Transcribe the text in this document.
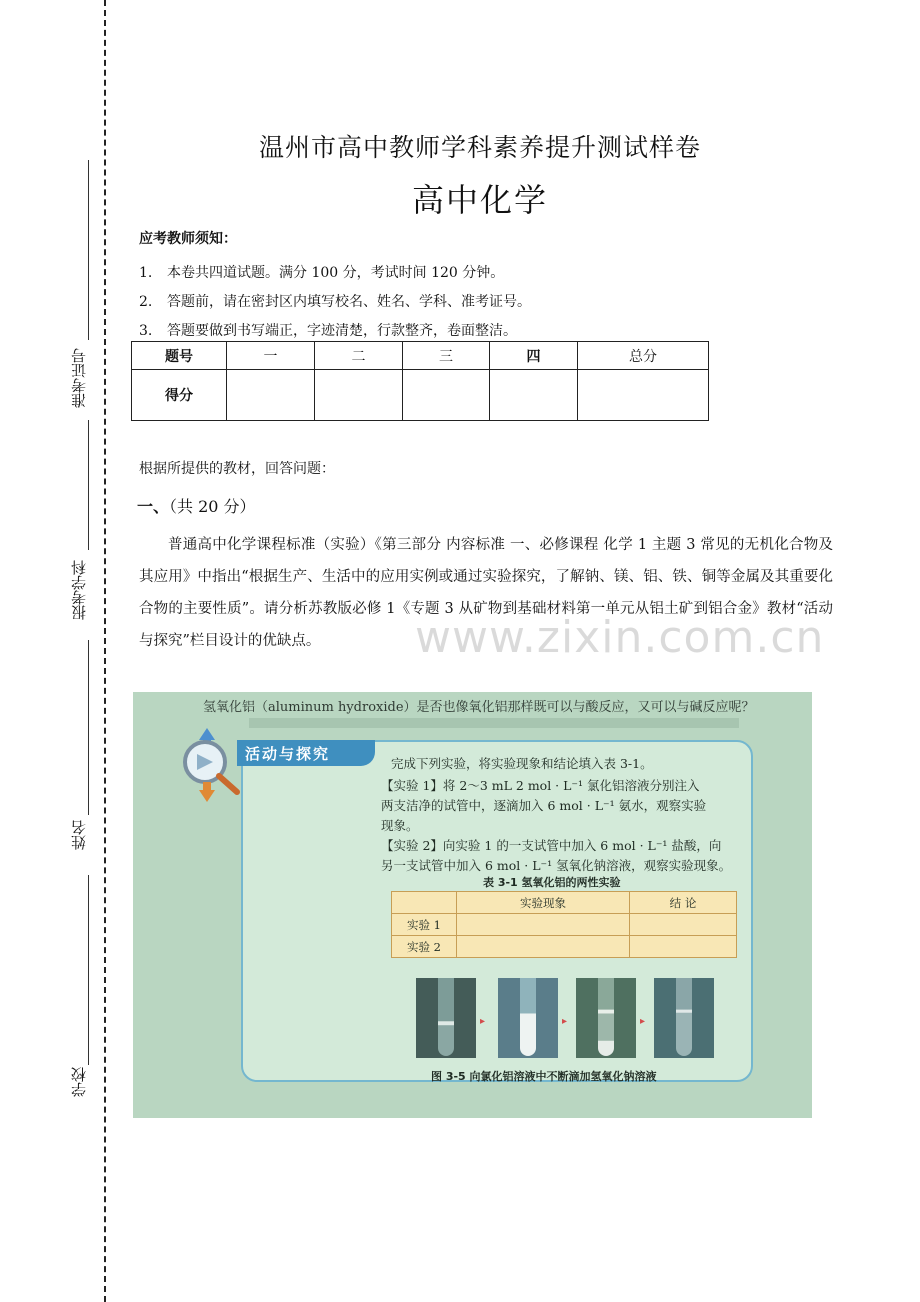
准考证号
报考学科
姓名
学校
温州市高中教师学科素养提升测试样卷
高中化学
应考教师须知：
1. 本卷共四道试题。满分 100 分，考试时间 120 分钟。
2. 答题前，请在密封区内填写校名、姓名、学科、准考证号。
3. 答题要做到书写端正，字迹清楚，行款整齐，卷面整洁。
题号	一	二	三	四	总分
得分					
根据所提供的教材，回答问题：
一、（共 20 分）
普通高中化学课程标准（实验）《第三部分 内容标准 一、必修课程 化学 1 主题 3 常见的无机化合物及其应用》中指出“根据生产、生活中的应用实例或通过实验探究，了解钠、镁、铝、铁、铜等金属及其重要化合物的主要性质”。请分析苏教版必修 1《专题 3 从矿物到基础材料第一单元从铝土矿到铝合金》教材“活动与探究”栏目设计的优缺点。	www.zixin.com.cn
氢氧化铝（aluminum hydroxide）是否也像氧化铝那样既可以与酸反应，又可以与碱反应呢？
活动与探究
完成下列实验，将实验现象和结论填入表 3-1。
【实验 1】将 2～3 mL 2 mol · L⁻¹ 氯化铝溶液分别注入
两支洁净的试管中，逐滴加入 6 mol · L⁻¹ 氨水，观察实验
现象。
【实验 2】向实验 1 的一支试管中加入 6 mol · L⁻¹ 盐酸，向
另一支试管中加入 6 mol · L⁻¹ 氢氧化钠溶液，观察实验现象。
表 3-1 氢氧化铝的两性实验
	实验现象	结 论
实验 1		
实验 2		
▸	▸	▸
图 3-5 向氯化铝溶液中不断滴加氢氧化钠溶液
